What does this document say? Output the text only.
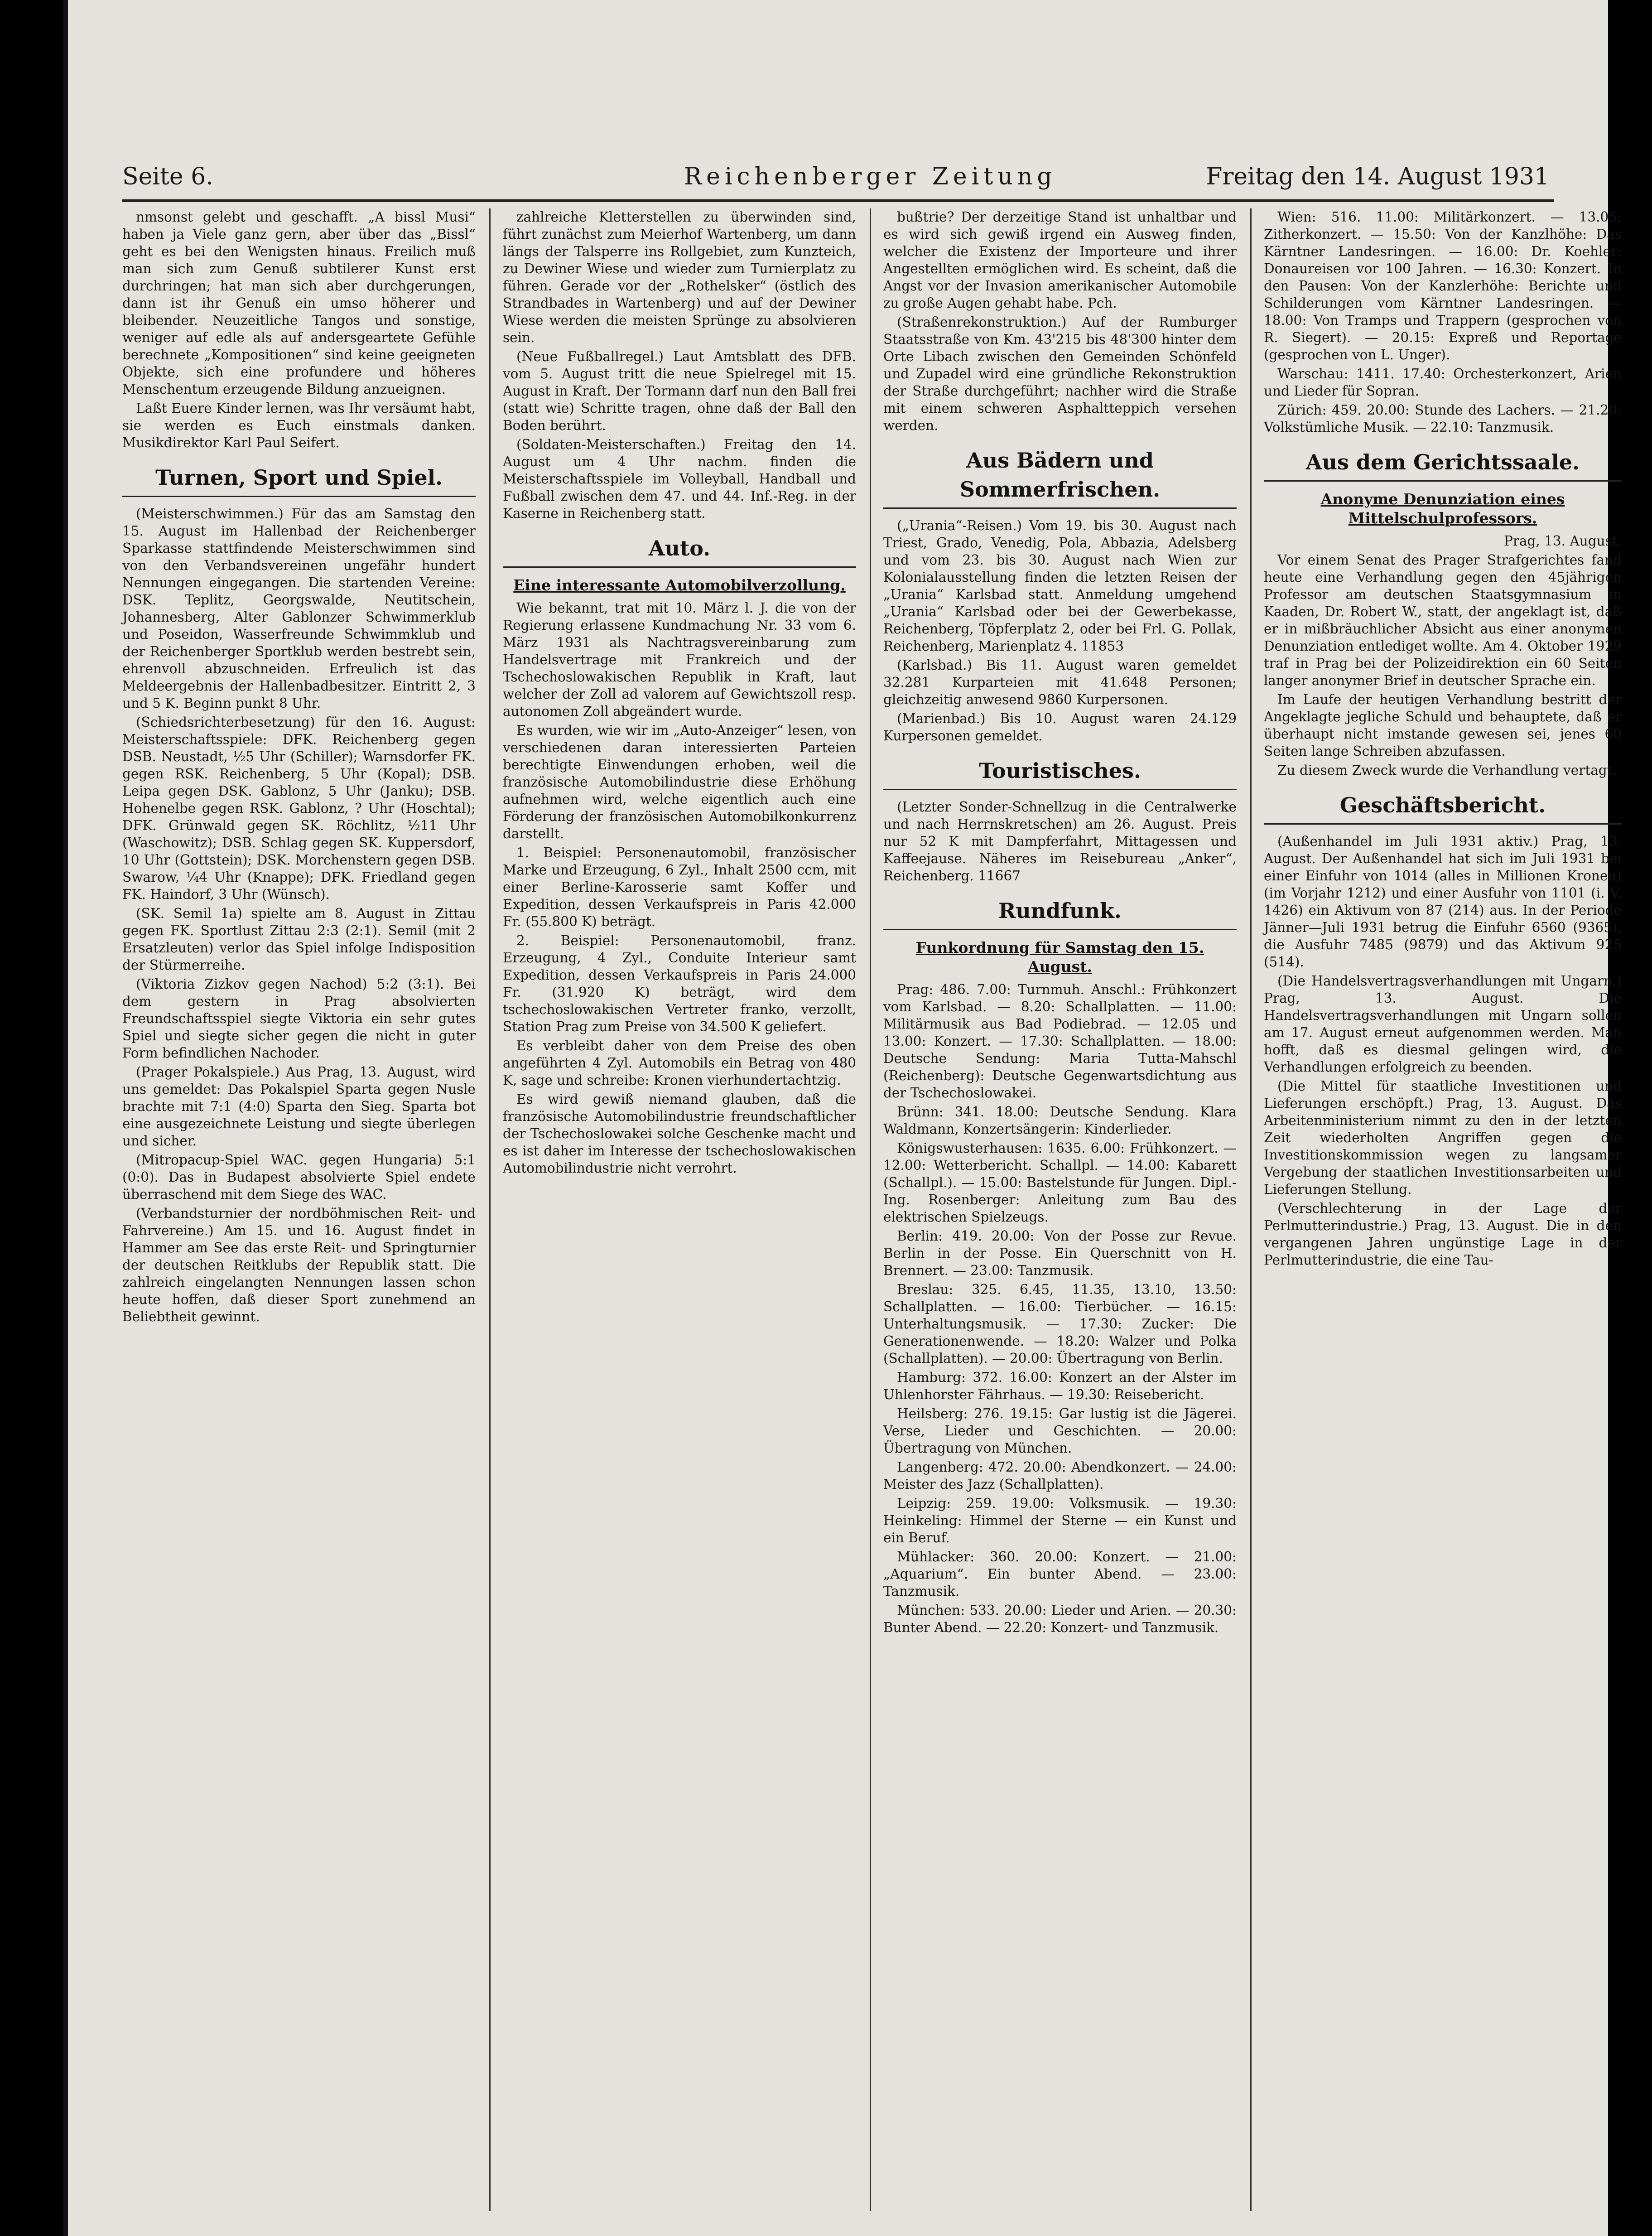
Seite 6.	Reichenberger Zeitung	Freitag den 14. August 1931

nmsonst gelebt und geschafft. „A bissl Musi“ haben ja Viele ganz gern, aber über das „Bissl“ geht es bei den Wenigsten hinaus. Freilich muß man sich zum Genuß subtilerer Kunst erst durchringen; hat man sich aber durchgerungen, dann ist ihr Genuß ein umso höherer und bleibender. Neuzeitliche Tangos und sonstige, weniger auf edle als auf andersgeartete Gefühle berechnete „Kompositionen“ sind keine geeigneten Objekte, sich eine profundere und höheres Menschentum erzeugende Bildung anzueignen.

Laßt Euere Kinder lernen, was Ihr versäumt habt, sie werden es Euch einstmals danken. Musikdirektor Karl Paul Seifert.

Turnen, Sport und Spiel.

(Meisterschwimmen.) Für das am Samstag den 15. August im Hallenbad der Reichenberger Sparkasse stattfindende Meisterschwimmen sind von den Verbandsvereinen ungefähr hundert Nennungen eingegangen. Die startenden Vereine: DSK. Teplitz, Georgswalde, Neutitschein, Johannesberg, Alter Gablonzer Schwimmerklub und Poseidon, Wasserfreunde Schwimmklub und der Reichenberger Sportklub werden bestrebt sein, ehrenvoll abzuschneiden. Erfreulich ist das Meldeergebnis der Hallenbadbesitzer. Eintritt 2, 3 und 5 K. Beginn punkt 8 Uhr.

(Schiedsrichterbesetzung) für den 16. August: Meisterschaftsspiele: DFK. Reichenberg gegen DSB. Neustadt, ½5 Uhr (Schiller); Warnsdorfer FK. gegen RSK. Reichenberg, 5 Uhr (Kopal); DSB. Leipa gegen DSK. Gablonz, 5 Uhr (Janku); DSB. Hohenelbe gegen RSK. Gablonz, ? Uhr (Hoschtal); DFK. Grünwald gegen SK. Röchlitz, ½11 Uhr (Waschowitz); DSB. Schlag gegen SK. Kuppersdorf, 10 Uhr (Gottstein); DSK. Morchenstern gegen DSB. Swarow, ¼4 Uhr (Knappe); DFK. Friedland gegen FK. Haindorf, 3 Uhr (Wünsch).

(SK. Semil 1a) spielte am 8. August in Zittau gegen FK. Sportlust Zittau 2:3 (2:1). Semil (mit 2 Ersatzleuten) verlor das Spiel infolge Indisposition der Stürmerreihe.

(Viktoria Zizkov gegen Nachod) 5:2 (3:1). Bei dem gestern in Prag absolvierten Freundschaftsspiel siegte Viktoria ein sehr gutes Spiel und siegte sicher gegen die nicht in guter Form befindlichen Nachoder.

(Prager Pokalspiele.) Aus Prag, 13. August, wird uns gemeldet: Das Pokalspiel Sparta gegen Nusle brachte mit 7:1 (4:0) Sparta den Sieg. Sparta bot eine ausgezeichnete Leistung und siegte überlegen und sicher.

(Mitropacup-Spiel WAC. gegen Hungaria) 5:1 (0:0). Das in Budapest absolvierte Spiel endete überraschend mit dem Siege des WAC.

(Verbandsturnier der nordböhmischen Reit- und Fahrvereine.) Am 15. und 16. August findet in Hammer am See das erste Reit- und Springturnier der deutschen Reitklubs der Republik statt. Die zahlreich eingelangten Nennungen lassen schon heute hoffen, daß dieser Sport zunehmend an Beliebtheit gewinnt.

zahlreiche Kletterstellen zu überwinden sind, führt zunächst zum Meierhof Wartenberg, um dann längs der Talsperre ins Rollgebiet, zum Kunzteich, zu Dewiner Wiese und wieder zum Turnierplatz zu führen. Gerade vor der „Rothelsker“ (östlich des Strandbades in Wartenberg) und auf der Dewiner Wiese werden die meisten Sprünge zu absolvieren sein.

(Neue Fußballregel.) Laut Amtsblatt des DFB. vom 5. August tritt die neue Spielregel mit 15. August in Kraft. Der Tormann darf nun den Ball frei (statt wie) Schritte tragen, ohne daß der Ball den Boden berührt.

(Soldaten-Meisterschaften.) Freitag den 14. August um 4 Uhr nachm. finden die Meisterschaftsspiele im Volleyball, Handball und Fußball zwischen dem 47. und 44. Inf.-Reg. in der Kaserne in Reichenberg statt.

Auto.
Eine interessante Automobilverzollung.

Wie bekannt, trat mit 10. März l. J. die von der Regierung erlassene Kundmachung Nr. 33 vom 6. März 1931 als Nachtragsvereinbarung zum Handelsvertrage mit Frankreich und der Tschechoslowakischen Republik in Kraft, laut welcher der Zoll ad valorem auf Gewichtszoll resp. autonomen Zoll abgeändert wurde.

Es wurden, wie wir im „Auto-Anzeiger“ lesen, von verschiedenen daran interessierten Parteien berechtigte Einwendungen erhoben, weil die französische Automobilindustrie diese Erhöhung aufnehmen wird, welche eigentlich auch eine Förderung der französischen Automobilkonkurrenz darstellt.

1. Beispiel: Personenautomobil, französischer Marke und Erzeugung, 6 Zyl., Inhalt 2500 ccm, mit einer Berline-Karosserie samt Koffer und Expedition, dessen Verkaufspreis in Paris 42.000 Fr. (55.800 K) beträgt.

2. Beispiel: Personenautomobil, franz. Erzeugung, 4 Zyl., Conduite Interieur samt Expedition, dessen Verkaufspreis in Paris 24.000 Fr. (31.920 K) beträgt, wird dem tschechoslowakischen Vertreter franko, verzollt, Station Prag zum Preise von 34.500 K geliefert.

Es verbleibt daher von dem Preise des oben angeführten 4 Zyl. Automobils ein Betrag von 480 K, sage und schreibe: Kronen vierhundertachtzig.

Es wird gewiß niemand glauben, daß die französische Automobilindustrie freundschaftlicher der Tschechoslowakei solche Geschenke macht und es ist daher im Interesse der tschechoslowakischen Automobilindustrie nicht verrohrt.

bußtrie? Der derzeitige Stand ist unhaltbar und es wird sich gewiß irgend ein Ausweg finden, welcher die Existenz der Importeure und ihrer Angestellten ermöglichen wird. Es scheint, daß die Angst vor der Invasion amerikanischer Automobile zu große Augen gehabt habe. Pch.

(Straßenrekonstruktion.) Auf der Rumburger Staatsstraße von Km. 43'215 bis 48'300 hinter dem Orte Libach zwischen den Gemeinden Schönfeld und Zupadel wird eine gründliche Rekonstruktion der Straße durchgeführt; nachher wird die Straße mit einem schweren Asphaltteppich versehen werden.

Aus Bädern und Sommerfrischen.

(„Urania“-Reisen.) Vom 19. bis 30. August nach Triest, Grado, Venedig, Pola, Abbazia, Adelsberg und vom 23. bis 30. August nach Wien zur Kolonialausstellung finden die letzten Reisen der „Urania“ Karlsbad statt. Anmeldung umgehend „Urania“ Karlsbad oder bei der Gewerbekasse, Reichenberg, Töpferplatz 2, oder bei Frl. G. Pollak, Reichenberg, Marienplatz 4. 11853

(Karlsbad.) Bis 11. August waren gemeldet 32.281 Kurparteien mit 41.648 Personen; gleichzeitig anwesend 9860 Kurpersonen.

(Marienbad.) Bis 10. August waren 24.129 Kurpersonen gemeldet.

Touristisches.

(Letzter Sonder-Schnellzug in die Centralwerke und nach Herrnskretschen) am 26. August. Preis nur 52 K mit Dampferfahrt, Mittagessen und Kaffeejause. Näheres im Reisebureau „Anker“, Reichenberg. 11667

Rundfunk.
Funkordnung für Samstag den 15. August.

Prag: 486. 7.00: Turnmuh. Anschl.: Frühkonzert vom Karlsbad. — 8.20: Schallplatten. — 11.00: Militärmusik aus Bad Podiebrad. — 12.05 und 13.00: Konzert. — 17.30: Schallplatten. — 18.00: Deutsche Sendung: Maria Tutta-Mahschl (Reichenberg): Deutsche Gegenwartsdichtung aus der Tschechoslowakei.

Brünn: 341. 18.00: Deutsche Sendung. Klara Waldmann, Konzertsängerin: Kinderlieder.

Königswusterhausen: 1635. 6.00: Frühkonzert. — 12.00: Wetterbericht. Schallpl. — 14.00: Kabarett (Schallpl.). — 15.00: Bastelstunde für Jungen. Dipl.-Ing. Rosenberger: Anleitung zum Bau des elektrischen Spielzeugs.

Berlin: 419. 20.00: Von der Posse zur Revue. Berlin in der Posse. Ein Querschnitt von H. Brennert. — 23.00: Tanzmusik.

Breslau: 325. 6.45, 11.35, 13.10, 13.50: Schallplatten. — 16.00: Tierbücher. — 16.15: Unterhaltungsmusik. — 17.30: Zucker: Die Generationenwende. — 18.20: Walzer und Polka (Schallplatten). — 20.00: Übertragung von Berlin.

Hamburg: 372. 16.00: Konzert an der Alster im Uhlenhorster Fährhaus. — 19.30: Reisebericht.

Heilsberg: 276. 19.15: Gar lustig ist die Jägerei. Verse, Lieder und Geschichten. — 20.00: Übertragung von München.

Langenberg: 472. 20.00: Abendkonzert. — 24.00: Meister des Jazz (Schallplatten).

Leipzig: 259. 19.00: Volksmusik. — 19.30: Heinkeling: Himmel der Sterne — ein Kunst und ein Beruf.

Mühlacker: 360. 20.00: Konzert. — 21.00: „Aquarium“. Ein bunter Abend. — 23.00: Tanzmusik.

München: 533. 20.00: Lieder und Arien. — 20.30: Bunter Abend. — 22.20: Konzert- und Tanzmusik.

Wien: 516. 11.00: Militärkonzert. — 13.05: Zitherkonzert. — 15.50: Von der Kanzlhöhe: Das Kärntner Landesringen. — 16.00: Dr. Koehler: Donaureisen vor 100 Jahren. — 16.30: Konzert. In den Pausen: Von der Kanzlerhöhe: Berichte und Schilderungen vom Kärntner Landesringen. — 18.00: Von Tramps und Trappern (gesprochen von R. Siegert). — 20.15: Expreß und Reportage (gesprochen von L. Unger).

Warschau: 1411. 17.40: Orchesterkonzert, Arien und Lieder für Sopran.

Zürich: 459. 20.00: Stunde des Lachers. — 21.20: Volkstümliche Musik. — 22.10: Tanzmusik.

Aus dem Gerichtssaale.
Anonyme Denunziation eines Mittelschulprofessors.

Prag, 13. August.

Vor einem Senat des Prager Strafgerichtes fand heute eine Verhandlung gegen den 45jährigen Professor am deutschen Staatsgymnasium in Kaaden, Dr. Robert W., statt, der angeklagt ist, daß er in mißbräuchlicher Absicht aus einer anonymen Denunziation entlediget wollte. Am 4. Oktober 1929 traf in Prag bei der Polizeidirektion ein 60 Seiten langer anonymer Brief in deutscher Sprache ein.

Im Laufe der heutigen Verhandlung bestritt der Angeklagte jegliche Schuld und behauptete, daß er überhaupt nicht imstande gewesen sei, jenes 60 Seiten lange Schreiben abzufassen.

Zu diesem Zweck wurde die Verhandlung vertagt.

Geschäftsbericht.

(Außenhandel im Juli 1931 aktiv.) Prag, 13. August. Der Außenhandel hat sich im Juli 1931 bei einer Einfuhr von 1014 (alles in Millionen Kronen) (im Vorjahr 1212) und einer Ausfuhr von 1101 (i. V. 1426) ein Aktivum von 87 (214) aus. In der Periode Jänner—Juli 1931 betrug die Einfuhr 6560 (9365), die Ausfuhr 7485 (9879) und das Aktivum 925 (514).

(Die Handelsvertragsverhandlungen mit Ungarn.) Prag, 13. August. Die Handelsvertragsverhandlungen mit Ungarn sollen am 17. August erneut aufgenommen werden. Man hofft, daß es diesmal gelingen wird, die Verhandlungen erfolgreich zu beenden.

(Die Mittel für staatliche Investitionen und Lieferungen erschöpft.) Prag, 13. August. Das Arbeitenministerium nimmt zu den in der letzten Zeit wiederholten Angriffen gegen die Investitionskommission wegen zu langsamer Vergebung der staatlichen Investitionsarbeiten und Lieferungen Stellung.

(Verschlechterung in der Lage der Perlmutterindustrie.) Prag, 13. August. Die in den vergangenen Jahren ungünstige Lage in der Perlmutterindustrie, die eine Tau-
